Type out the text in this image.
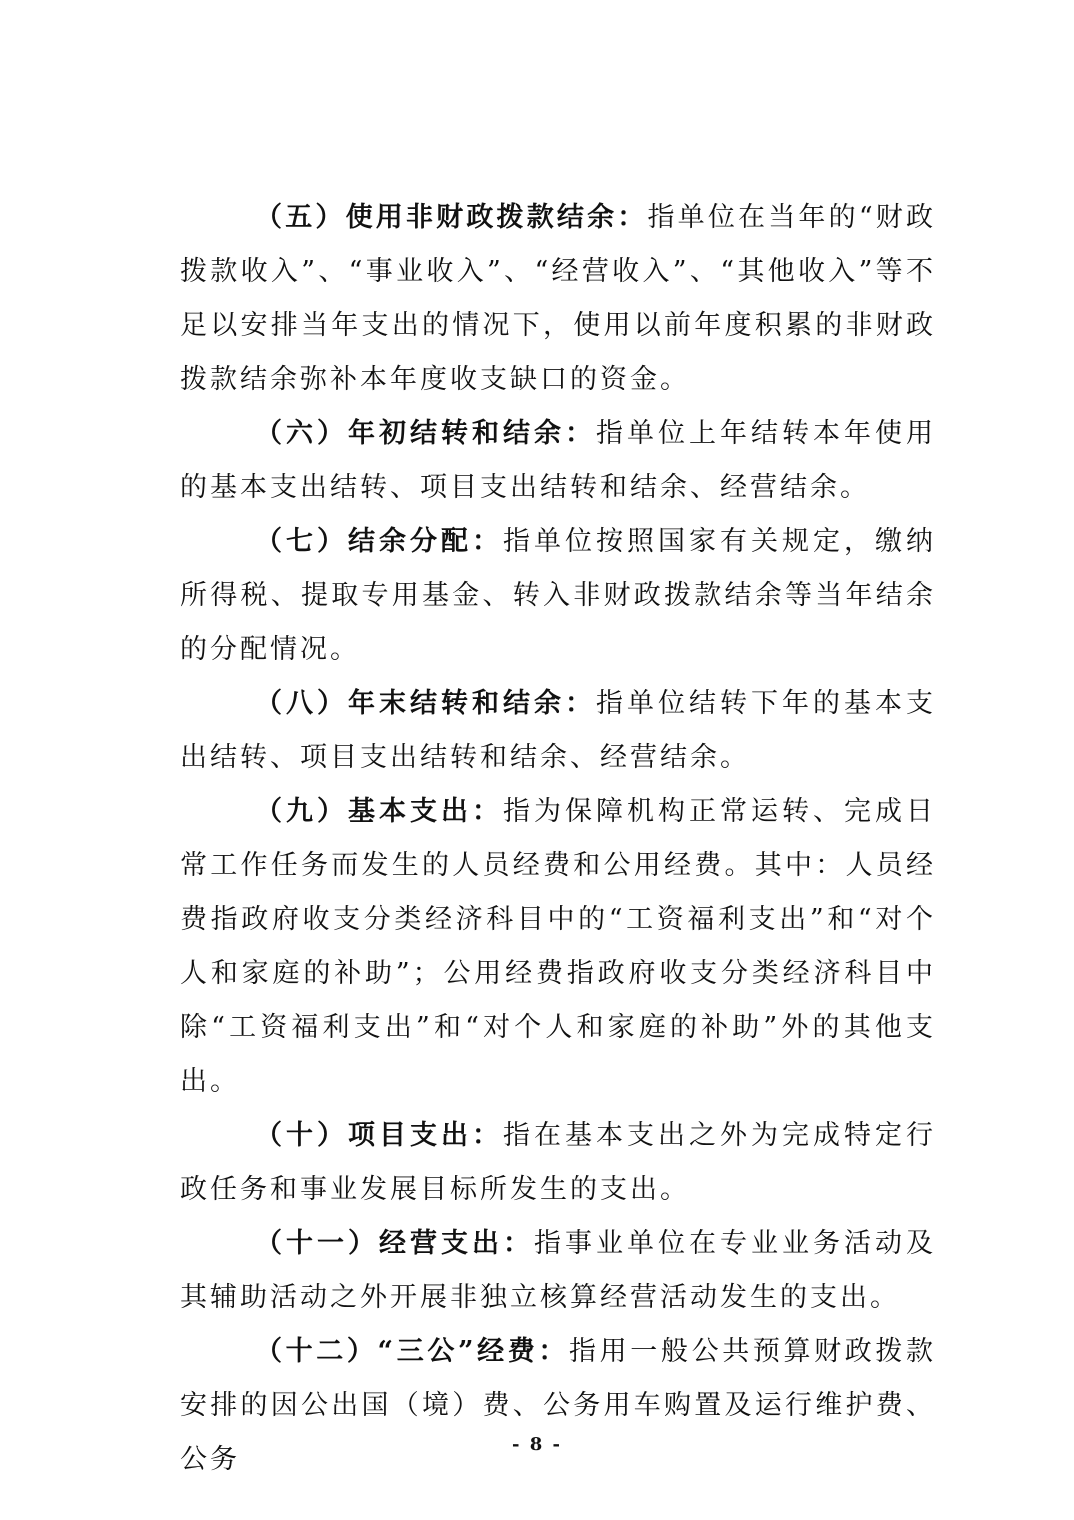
（五）使用非财政拨款结余：指单位在当年的“财政拨款收入”、“事业收入”、“经营收入”、“其他收入”等不足以安排当年支出的情况下，使用以前年度积累的非财政拨款结余弥补本年度收支缺口的资金。

（六）年初结转和结余：指单位上年结转本年使用的基本支出结转、项目支出结转和结余、经营结余。

（七）结余分配：指单位按照国家有关规定，缴纳所得税、提取专用基金、转入非财政拨款结余等当年结余的分配情况。

（八）年末结转和结余：指单位结转下年的基本支出结转、项目支出结转和结余、经营结余。

（九）基本支出：指为保障机构正常运转、完成日常工作任务而发生的人员经费和公用经费。其中：人员经费指政府收支分类经济科目中的“工资福利支出”和“对个人和家庭的补助”；公用经费指政府收支分类经济科目中除“工资福利支出”和“对个人和家庭的补助”外的其他支出。

（十）项目支出：指在基本支出之外为完成特定行政任务和事业发展目标所发生的支出。

（十一）经营支出：指事业单位在专业业务活动及其辅助活动之外开展非独立核算经营活动发生的支出。

（十二）“三公”经费：指用一般公共预算财政拨款安排的因公出国（境）费、公务用车购置及运行维护费、公务	- 8 -
